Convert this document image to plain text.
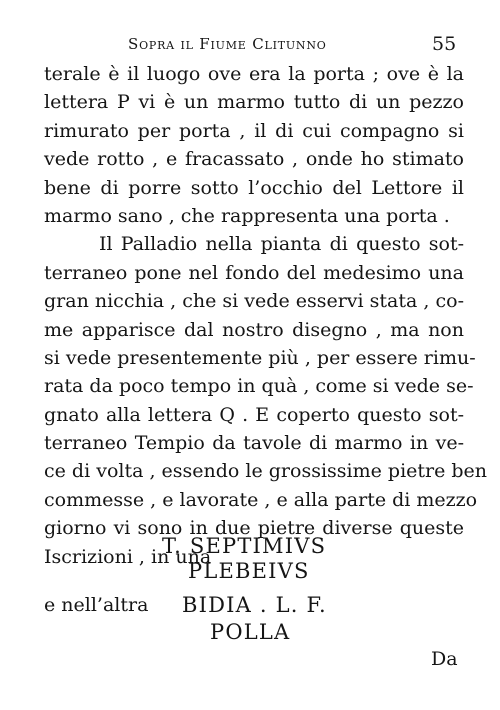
Sopra il Fiume Clitunno	55
terale è il luogo ove era la porta ; ove è la
lettera P vi è un marmo tutto di un pezzo
rimurato per porta , il di cui compagno si
vede rotto , e fracassato , onde ho stimato
bene di porre sotto l’occhio del Lettore il
marmo sano , che rappresenta una porta .
Il Palladio nella pianta di questo sot-
terraneo pone nel fondo del medesimo una
gran nicchia , che si vede esservi stata , co-
me apparisce dal nostro disegno , ma non
si vede presentemente più , per essere rimu-
rata da poco tempo in quà , come si vede se-
gnato alla lettera Q . E coperto questo sot-
terraneo Tempio da tavole di marmo in ve-
ce di volta , essendo le grossissime pietre ben
commesse , e lavorate , e alla parte di mezzo
giorno vi sono in due pietre diverse queste
Iscrizioni , in una
T. SEPTIMIVS
PLEBEIVS
e nell’altra BIDIA . L. F.
POLLA
Da
